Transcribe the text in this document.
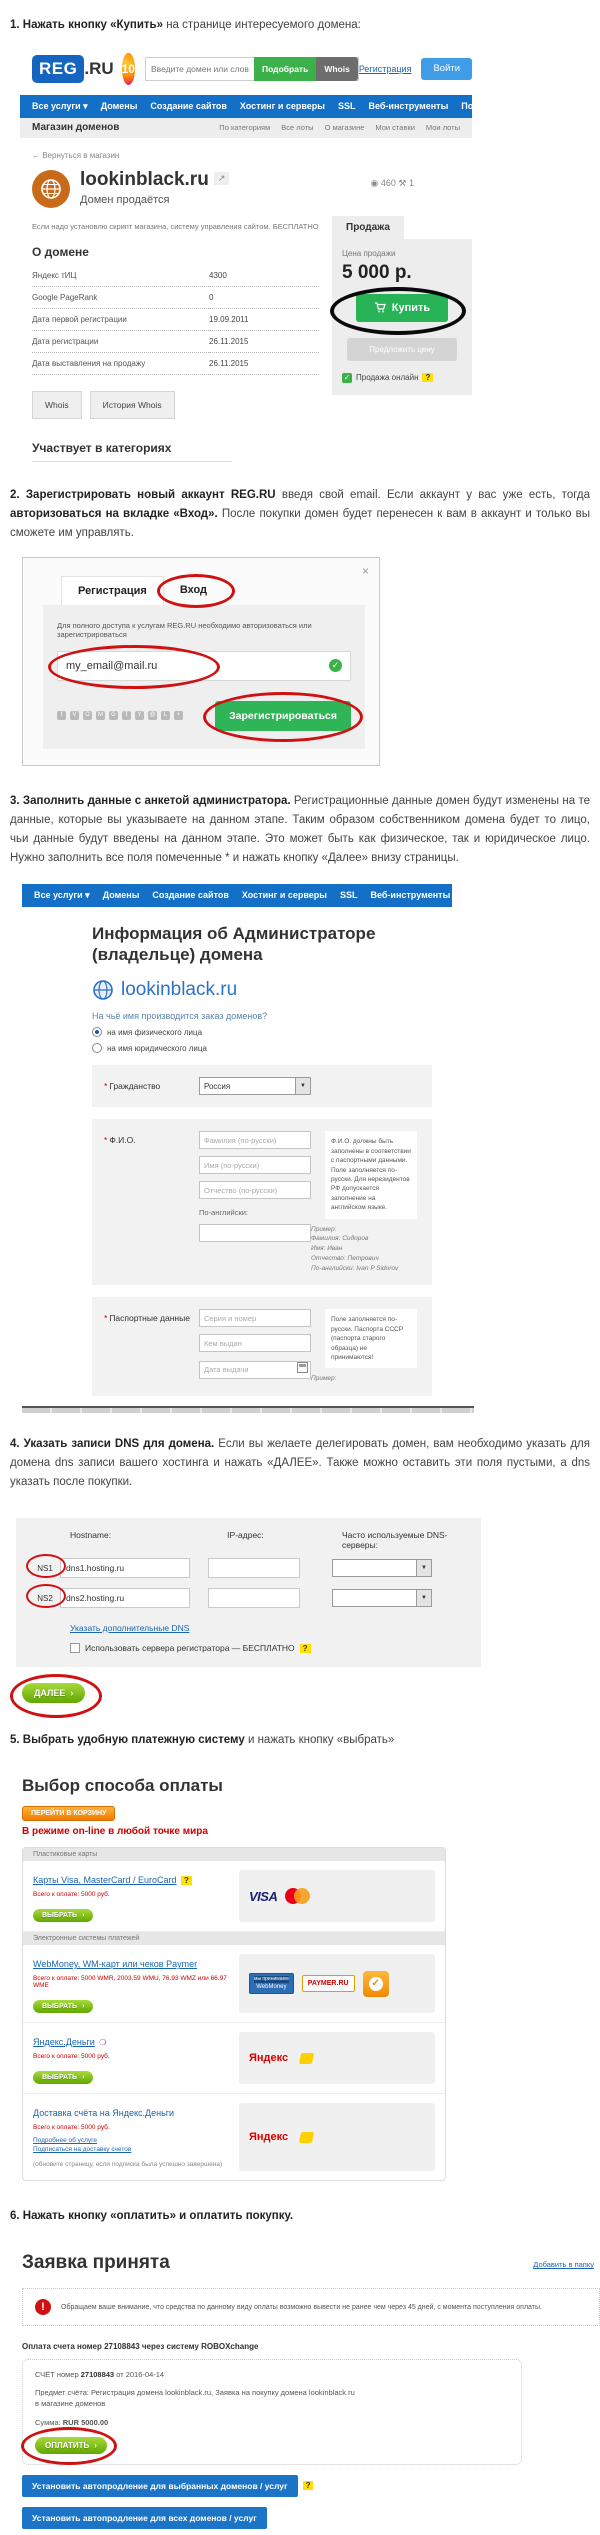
1. Нажать кнопку «Купить» на странице интересуемого домена:

REG .RU 10
Введите домен или слово	Подобрать	Whois	Регистрация	Войти
Все услуги ▾ Домены Создание сайтов Хостинг и серверы SSL Веб-инструменты Поддержка
Магазин доменов	По категориям Все лоты О магазине Мои ставки Мои лоты
← Вернуться в магазин
lookinblack.ru ↗
Домен продаётся
◉ 460 ⚒ 1
Если надо установлю скрипт магазина, систему управления сайтом. БЕСПЛАТНО
О домене
Яндекс тИЦ	4300
Google PageRank	0
Дата первой регистрации	19.09.2011
Дата регистрации	26.11.2015
Дата выставления на продажу	26.11.2015
Whois	История Whois
Участвует в категориях
Продажа
Цена продажи
5 000 р.
Купить
Предложить цену
✓ Продажа онлайн ?

2. Зарегистрировать новый аккаунт REG.RU введя свой email. Если аккаунт у вас уже есть, тогда авторизоваться на вкладке «Вход». После покупки домен будет перенесен к вам в аккаунт и только вы сможете им управлять.

×
Регистрация	Вход
Для полного доступа к услугам REG.RU необходимо авторизоваться или зарегистрироваться
my_email@mail.ru
✓
f	V	O	M	G	T	Y	@	L	+	Зарегистрироваться

3. Заполнить данные с анкетой администратора. Регистрационные данные домен будут изменены на те данные, которые вы указываете на данном этапе. Таким образом собственником домена будет то лицо, чьи данные будут введены на данном этапе. Это может быть как физическое, так и юридическое лицо. Нужно заполнить все поля помеченные * и нажать кнопку «Далее» внизу страницы.

Все услуги ▾ Домены Создание сайтов Хостинг и серверы SSL Веб-инструменты Поддержка
Информация об Администраторе (владельце) домена
lookinblack.ru
На чьё имя производится заказ доменов?
на имя физического лица
на имя юридического лица
* Гражданство	Россия	▼
* Ф.И.О.
Фамилия (по-русски)
Имя (по-русски)
Отчество (по-русски)
По-английски:
Ф.И.О. должны быть заполнены в соответствии с паспортными данными. Поле заполняется по-русски. Для нерезидентов РФ допускается заполнение на английском языке.
Пример:
Фамилия: Сидоров
Имя: Иван
Отчество: Петрович
По-английски: Ivan P Sidorov
* Паспортные данные
Серия и номер
Кем выдан
Дата выдачи	Поле заполняется по-русски. Паспорта СССР (паспорта старого образца) не принимаются!
Пример:

4. Указать записи DNS для домена. Если вы желаете делегировать домен, вам необходимо указать для домена dns записи вашего хостинга и нажать «ДАЛЕЕ». Также можно оставить эти поля пустыми, а dns указать после покупки.

Hostname:	IP-адрес:	Часто используемые DNS-серверы:
NS1
dns1.hosting.ru	▼
NS2
dns2.hosting.ru	▼
Указать дополнительные DNS
Использовать сервера регистратора — БЕСПЛАТНО	?
ДАЛЕЕ ›

5. Выбрать удобную платежную систему и нажать кнопку «выбрать»

Выбор способа оплаты
ПЕРЕЙТИ В КОРЗИНУ
В режиме on-line в любой точке мира
Пластиковые карты
Карты Visa, MasterCard / EuroCard ?
Всего к оплате: 5000 руб.
ВЫБРАТЬ ›
VISA
Электронные системы платежей
WebMoney, WM-карт или чеков Paymer
Всего к оплате: 5000 WMR, 2003.59 WMU, 76.93 WMZ или 66.97 WME
ВЫБРАТЬ ›
мы принимаем
WebMoney	PAYMER.RU	✓
Яндекс.Деньги ❍
Всего к оплате: 5000 руб.
ВЫБРАТЬ ›
Яндекс
Доставка счёта на Яндекс.Деньги
Всего к оплате: 5000 руб.
Подробнее об услуге
Подписаться на доставку счетов
(обновите страницу, если подписка была успешно завершена)
Яндекс

6. Нажать кнопку «оплатить» и оплатить покупку.

Заявка принята	Добавить в папку
!	Обращаем ваше внимание, что средства по данному виду оплаты возможно вывести не ранее чем через 45 дней, с момента поступления оплаты.
Оплата счета номер 27108843 через систему ROBOXchange
СЧЁТ номер 27108843 от 2016-04-14
Предмет счёта: Регистрация домена lookinblack.ru, Заявка на покупку домена lookinblack.ru в магазине доменов
Сумма: RUR 5000.00
ОПЛАТИТЬ ›
Установить автопродление для выбранных доменов / услуг	?
Установить автопродление для всех доменов / услуг
